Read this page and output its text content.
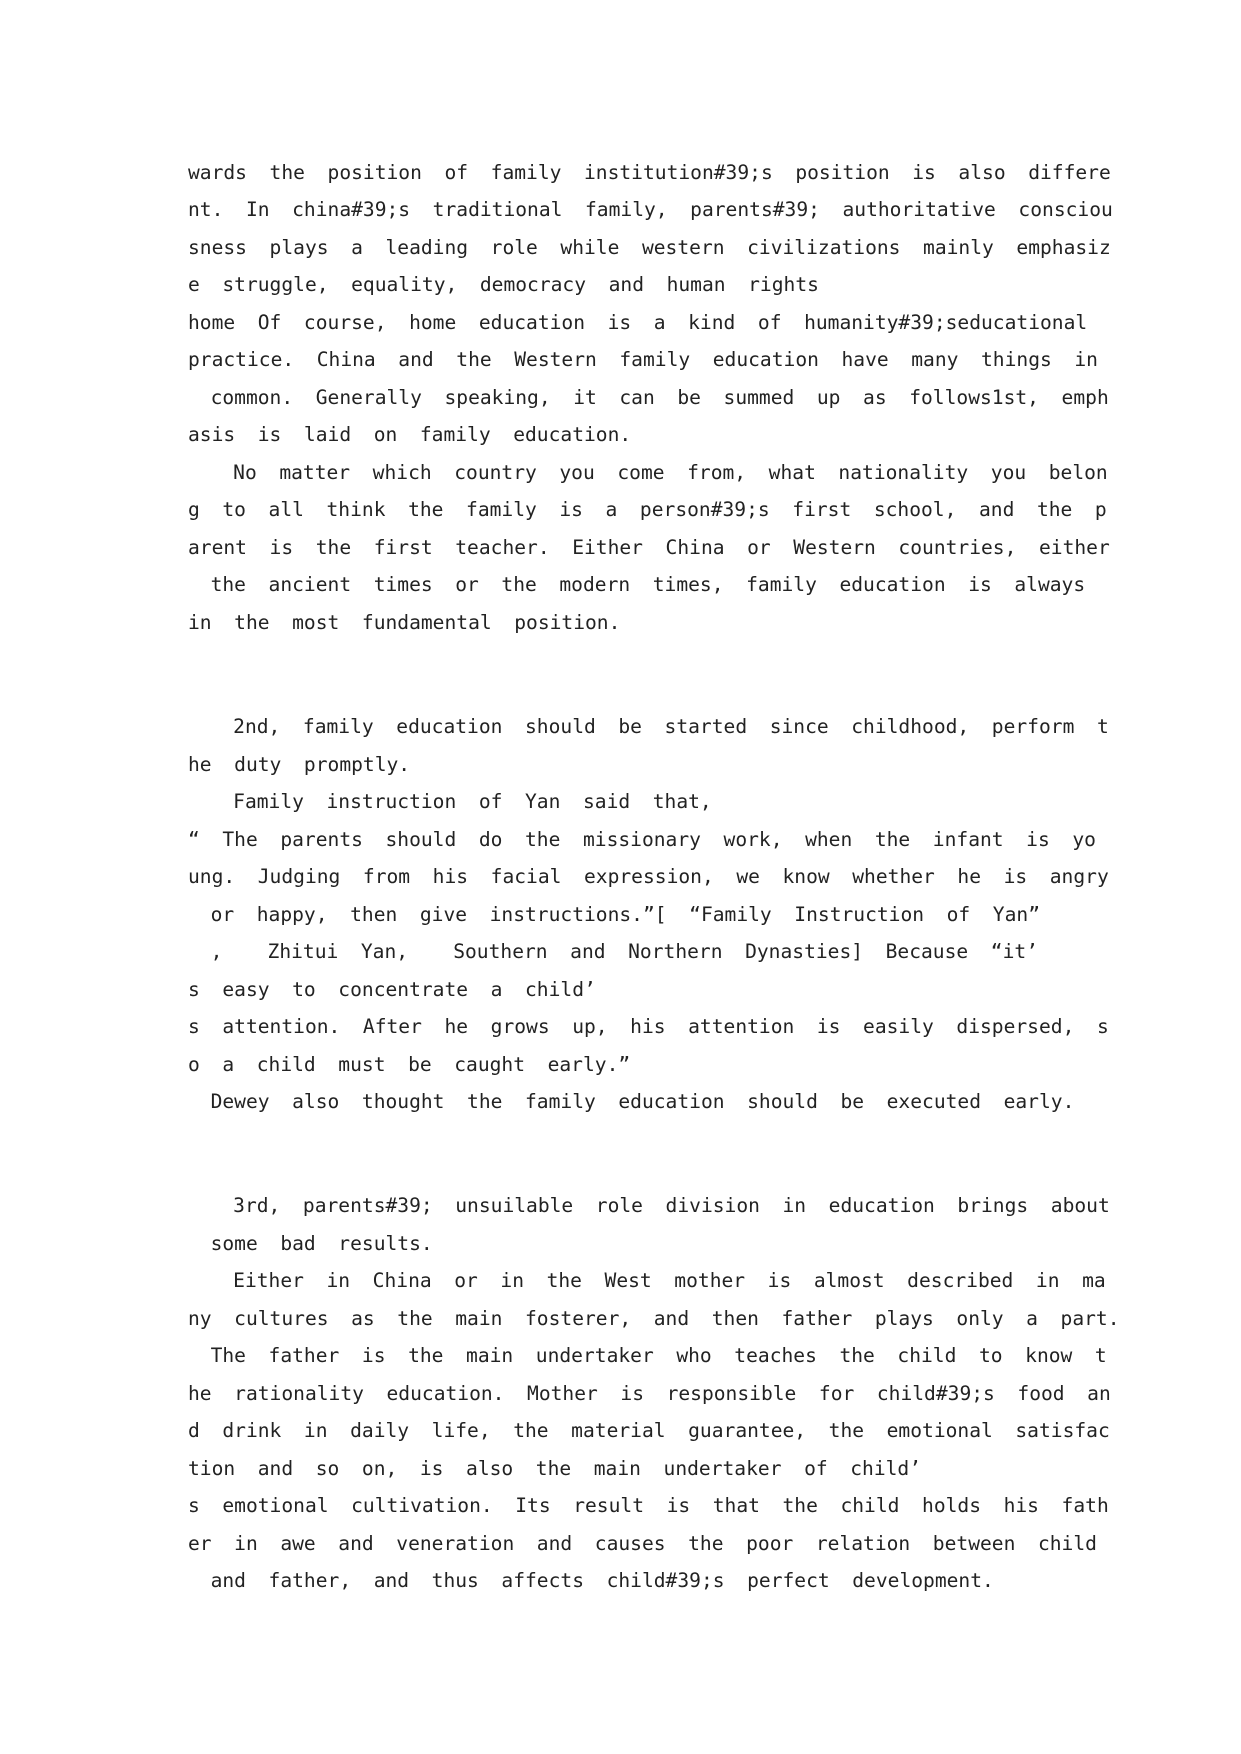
wards the position of family institution#39;s position is also differe
nt. In china#39;s traditional family, parents#39; authoritative consciou
sness plays a leading role while western civilizations mainly emphasiz
e struggle, equality, democracy and human rights
home Of course, home education is a kind of humanity#39;seducational
practice. China and the Western family education have many things in
common. Generally speaking, it can be summed up as follows1st, emph
asis is laid on family education.
No matter which country you come from, what nationality you belon
g to all think the family is a person#39;s first school, and the p
arent is the first teacher. Either China or Western countries, either
the ancient times or the modern times, family education is always
in the most fundamental position.
2nd, family education should be started since childhood, perform t
he duty promptly.
Family instruction of Yan said that,
“ The parents should do the missionary work, when the infant is yo
ung. Judging from his facial expression, we know whether he is angry
or happy, then give instructions.”[ “Family Instruction of Yan”
,  Zhitui Yan,  Southern and Northern Dynasties] Because “it’
s easy to concentrate a child’
s attention. After he grows up, his attention is easily dispersed, s
o a child must be caught early.”
Dewey also thought the family education should be executed early.
3rd, parents#39; unsuilable role division in education brings about
some bad results.
Either in China or in the West mother is almost described in ma
ny cultures as the main fosterer, and then father plays only a part.
The father is the main undertaker who teaches the child to know t
he rationality education. Mother is responsible for child#39;s food an
d drink in daily life, the material guarantee, the emotional satisfac
tion and so on, is also the main undertaker of child’
s emotional cultivation. Its result is that the child holds his fath
er in awe and veneration and causes the poor relation between child
and father, and thus affects child#39;s perfect development.
